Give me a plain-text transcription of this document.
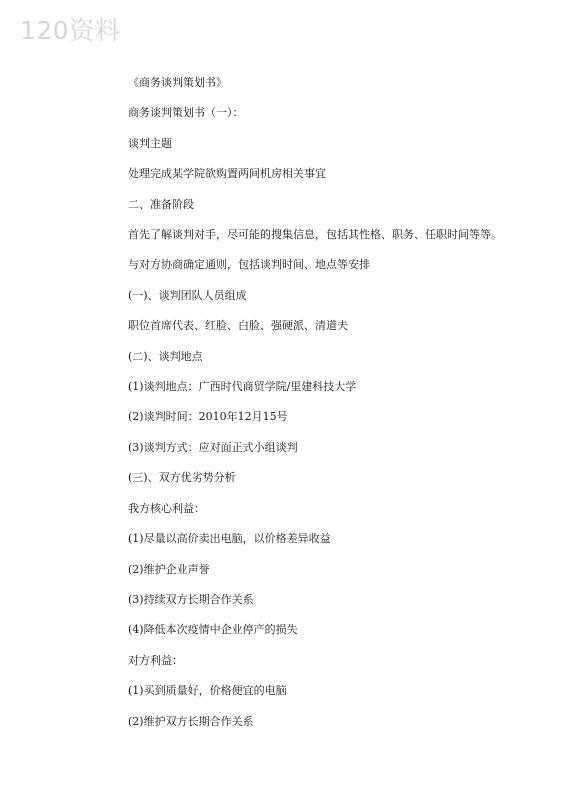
120资料
《商务谈判策划书》
商务谈判策划书（一）：
谈判主题
处理完成某学院欲购置两间机房相关事宜
二、准备阶段
首先了解谈判对手，尽可能的搜集信息，包括其性格、职务、任职时间等等。
与对方协商确定通则，包括谈判时间、地点等安排
(一)、谈判团队人员组成
职位首席代表、红脸、白脸、强硬派、清道夫
(二)、谈判地点
(1)谈判地点：广西时代商贸学院/里建科技大学
(2)谈判时间：2010年12月15号
(3)谈判方式：应对面正式小组谈判
(三)、双方优劣势分析
我方核心利益：
(1)尽量以高价卖出电脑，以价格差异收益
(2)维护企业声誉
(3)持续双方长期合作关系
(4)降低本次疫情中企业停产的损失
对方利益：
(1)买到质量好，价格便宜的电脑
(2)维护双方长期合作关系
